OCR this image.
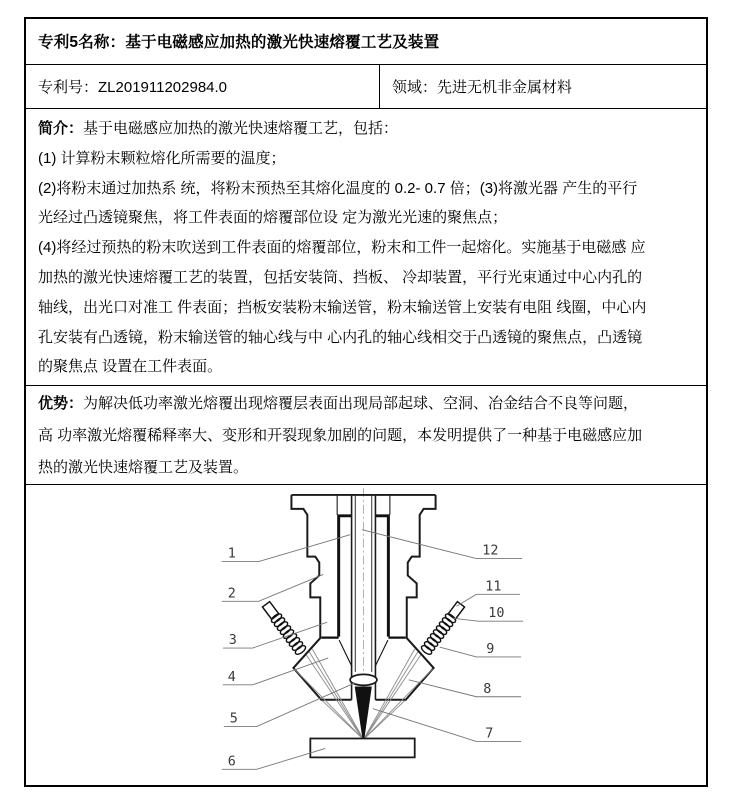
专利5名称：基于电磁感应加热的激光快速熔覆工艺及装置
专利号：ZL201911202984.0	领域：先进无机非金属材料
简介：基于电磁感应加热的激光快速熔覆工艺，包括：
(1) 计算粉末颗粒熔化所需要的温度；
(2)将粉末通过加热系 统，将粉末预热至其熔化温度的 0.2- 0.7 倍；(3)将激光器 产生的平行
光经过凸透镜聚焦，将工件表面的熔覆部位设 定为激光光速的聚焦点；
(4)将经过预热的粉末吹送到工件表面的熔覆部位，粉末和工件一起熔化。实施基于电磁感 应
加热的激光快速熔覆工艺的装置，包括安装筒、挡板、 冷却装置，平行光束通过中心内孔的
轴线，出光口对准工 件表面；挡板安装粉末输送管，粉末输送管上安装有电阻 线圈，中心内
孔安装有凸透镜，粉末输送管的轴心线与中 心内孔的轴心线相交于凸透镜的聚焦点，凸透镜
的聚焦点 设置在工件表面。
优势：为解决低功率激光熔覆出现熔覆层表面出现局部起球、空洞、冶金结合不良等问题，
高 功率激光熔覆稀释率大、变形和开裂现象加剧的问题，本发明提供了一种基于电磁感应加
热的激光快速熔覆工艺及装置。
1
2
3
4
5
6
12
11
10
9
8
7
